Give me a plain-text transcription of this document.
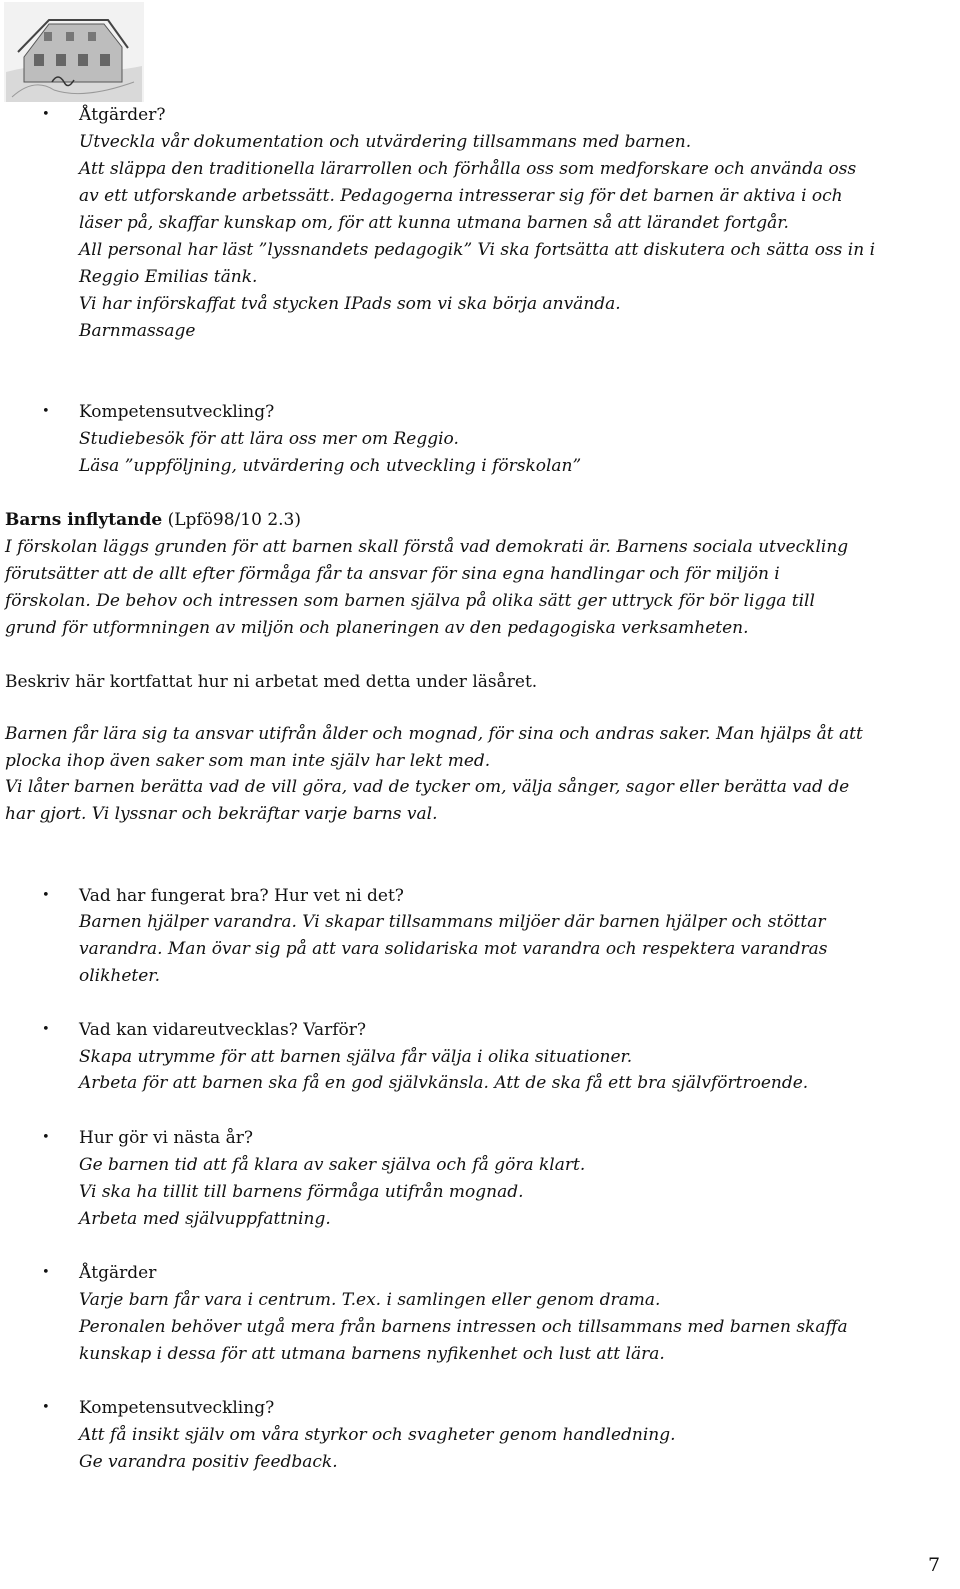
• Åtgärder?
Utveckla vår dokumentation och utvärdering tillsammans med barnen.
Att släppa den traditionella lärarrollen och förhålla oss som medforskare och använda oss
av ett utforskande arbetssätt. Pedagogerna intresserar sig för det barnen är aktiva i och
läser på, skaffar kunskap om, för att kunna utmana barnen så att lärandet fortgår.
All personal har läst ”lyssnandets pedagogik” Vi ska fortsätta att diskutera och sätta oss in i
Reggio Emilias tänk.
Vi har införskaffat två stycken IPads som vi ska börja använda.
Barnmassage
• Kompetensutveckling?
Studiebesök för att lära oss mer om Reggio.
Läsa ”uppföljning, utvärdering och utveckling i förskolan”
Barns inflytande (Lpfö98/10 2.3)
I förskolan läggs grunden för att barnen skall förstå vad demokrati är. Barnens sociala utveckling
förutsätter att de allt efter förmåga får ta ansvar för sina egna handlingar och för miljön i
förskolan. De behov och intressen som barnen själva på olika sätt ger uttryck för bör ligga till
grund för utformningen av miljön och planeringen av den pedagogiska verksamheten.
Beskriv här kortfattat hur ni arbetat med detta under läsåret.
Barnen får lära sig ta ansvar utifrån ålder och mognad, för sina och andras saker. Man hjälps åt att
plocka ihop även saker som man inte själv har lekt med.
Vi låter barnen berätta vad de vill göra, vad de tycker om, välja sånger, sagor eller berätta vad de
har gjort. Vi lyssnar och bekräftar varje barns val.
• Vad har fungerat bra? Hur vet ni det?
Barnen hjälper varandra. Vi skapar tillsammans miljöer där barnen hjälper och stöttar
varandra. Man övar sig på att vara solidariska mot varandra och respektera varandras
olikheter.
• Vad kan vidareutvecklas? Varför?
Skapa utrymme för att barnen själva får välja i olika situationer.
Arbeta för att barnen ska få en god självkänsla. Att de ska få ett bra självförtroende.
• Hur gör vi nästa år?
Ge barnen tid att få klara av saker själva och få göra klart.
Vi ska ha tillit till barnens förmåga utifrån mognad.
Arbeta med självuppfattning.
• Åtgärder
Varje barn får vara i centrum. T.ex. i samlingen eller genom drama.
Peronalen behöver utgå mera från barnens intressen och tillsammans med barnen skaffa
kunskap i dessa för att utmana barnens nyfikenhet och lust att lära.
• Kompetensutveckling?
Att få insikt själv om våra styrkor och svagheter genom handledning.
Ge varandra positiv feedback.
7
